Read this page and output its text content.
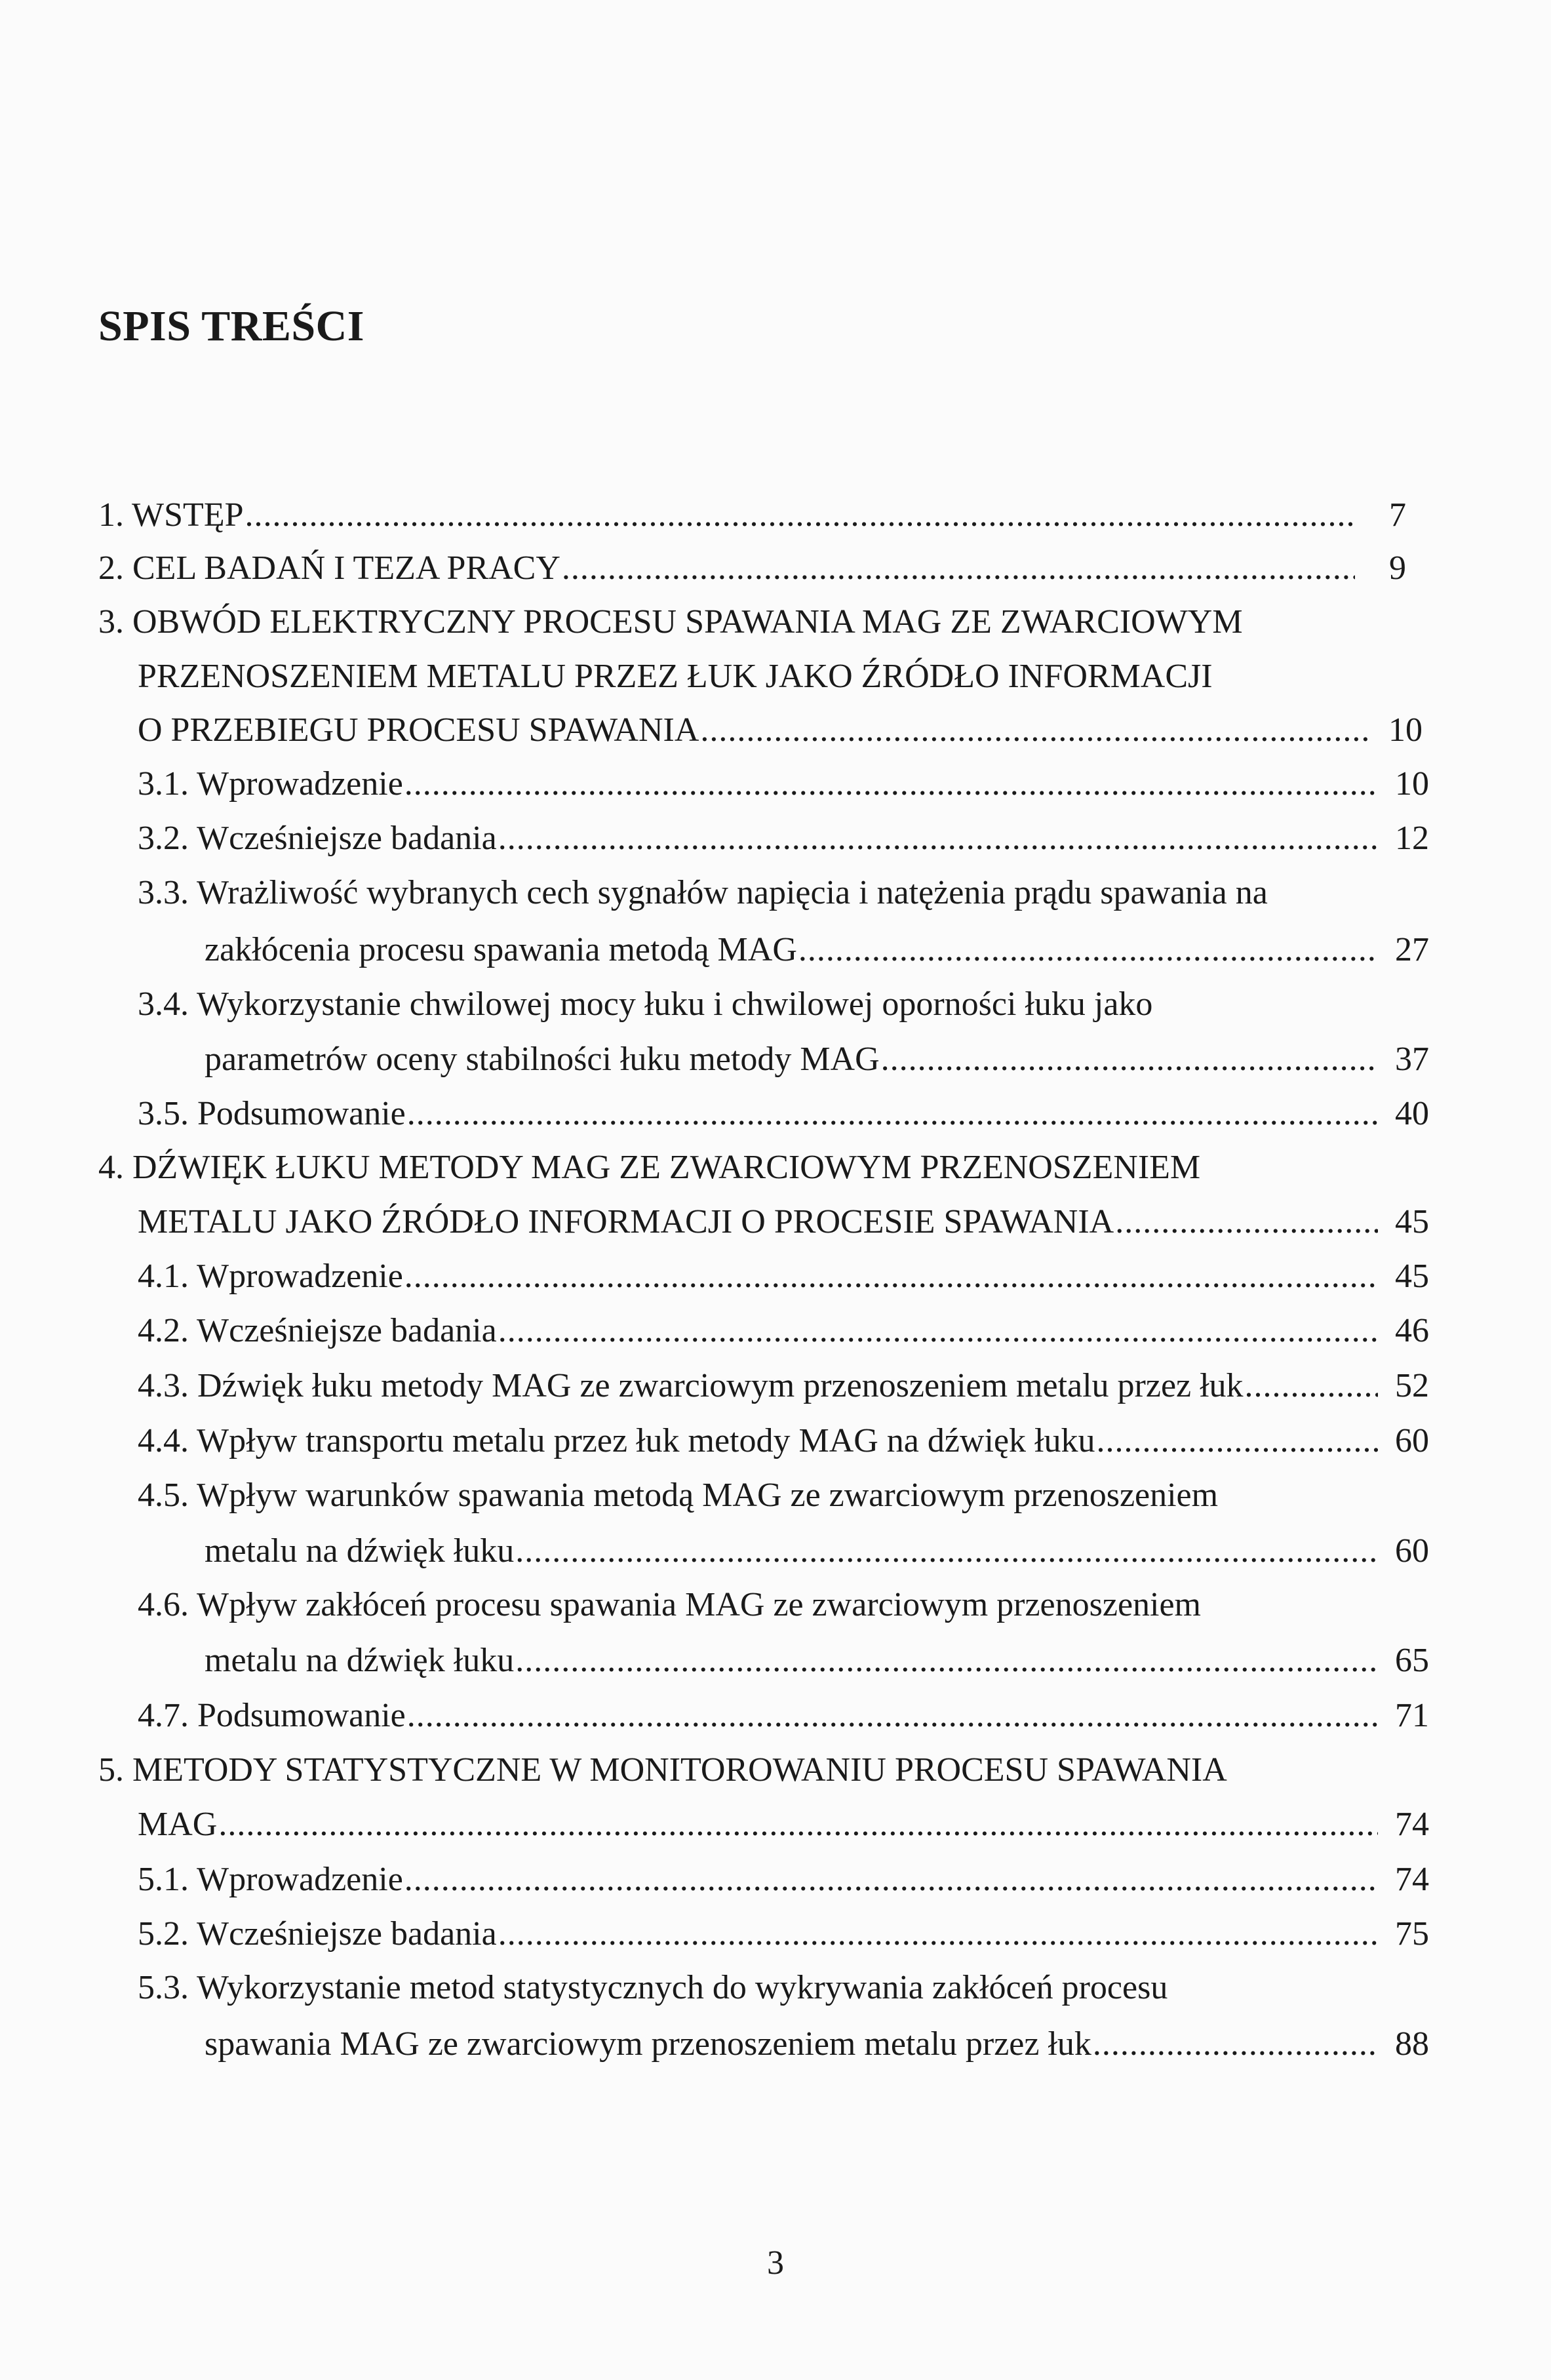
SPIS TREŚCI
1. WSTĘP .....	7
2. CEL BADAŃ I TEZA PRACY .....	9
3. OBWÓD ELEKTRYCZNY PROCESU SPAWANIA MAG ZE ZWARCIOWYM
PRZENOSZENIEM METALU PRZEZ ŁUK JAKO ŹRÓDŁO INFORMACJI
O PRZEBIEGU PROCESU SPAWANIA .....	10
3.1. Wprowadzenie .....	10
3.2. Wcześniejsze badania .....	12
3.3. Wrażliwość wybranych cech sygnałów napięcia i natężenia prądu spawania na
zakłócenia procesu spawania metodą MAG .....	27
3.4. Wykorzystanie chwilowej mocy łuku i chwilowej oporności łuku jako
parametrów oceny stabilności łuku metody MAG .....	37
3.5. Podsumowanie .....	40
4. DŹWIĘK ŁUKU METODY MAG ZE ZWARCIOWYM PRZENOSZENIEM
METALU JAKO ŹRÓDŁO INFORMACJI O PROCESIE SPAWANIA .....	45
4.1. Wprowadzenie .....	45
4.2. Wcześniejsze badania .....	46
4.3. Dźwięk łuku metody MAG ze zwarciowym przenoszeniem metalu przez łuk .....	52
4.4. Wpływ transportu metalu przez łuk metody MAG na dźwięk łuku .....	60
4.5. Wpływ warunków spawania metodą MAG ze zwarciowym przenoszeniem
metalu na dźwięk łuku .....	60
4.6. Wpływ zakłóceń procesu spawania MAG ze zwarciowym przenoszeniem
metalu na dźwięk łuku .....	65
4.7. Podsumowanie .....	71
5. METODY STATYSTYCZNE W MONITOROWANIU PROCESU SPAWANIA
MAG .....	74
5.1. Wprowadzenie .....	74
5.2. Wcześniejsze badania .....	75
5.3. Wykorzystanie metod statystycznych do wykrywania zakłóceń procesu
spawania MAG ze zwarciowym przenoszeniem metalu przez łuk .....	88
3
